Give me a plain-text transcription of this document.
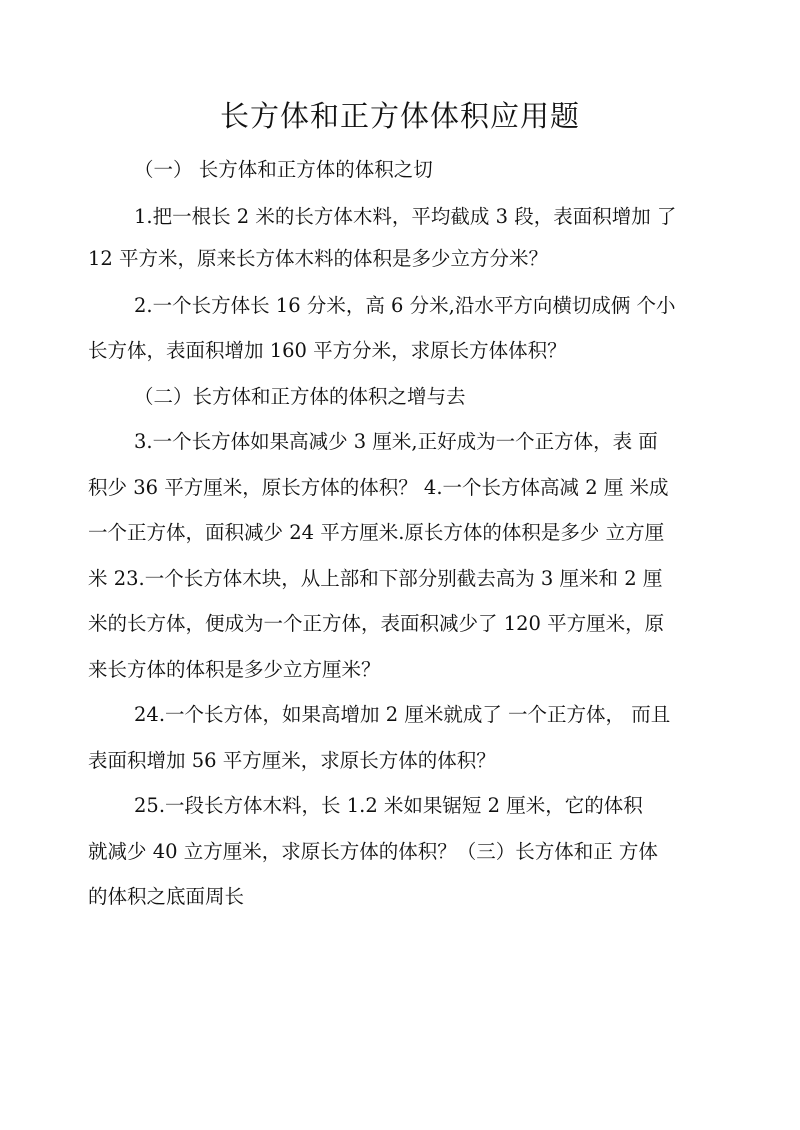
长方体和正方体体积应用题
（一） 长方体和正方体的体积之切
1.把一根长 2 米的长方体木料，平均截成 3 段，表面积增加 了
12 平方米，原来长方体木料的体积是多少立方分米？
2.一个长方体长 16 分米，高 6 分米,沿水平方向横切成俩 个小
长方体，表面积增加 160 平方分米，求原长方体体积？
（二）长方体和正方体的体积之增与去
3.一个长方体如果高减少 3 厘米,正好成为一个正方体，表 面
积少 36 平方厘米，原长方体的体积？ 4.一个长方体高减 2 厘 米成
一个正方体，面积减少 24 平方厘米.原长方体的体积是多少 立方厘
米 23.一个长方体木块，从上部和下部分别截去高为 3 厘米和 2 厘
米的长方体，便成为一个正方体，表面积减少了 120 平方厘米，原
来长方体的体积是多少立方厘米？
24.一个长方体，如果高增加 2 厘米就成了 一个正方体， 而且
表面积增加 56 平方厘米，求原长方体的体积？
25.一段长方体木料，长 1.2 米如果锯短 2 厘米，它的体积
就减少 40 立方厘米，求原长方体的体积？（三）长方体和正 方体
的体积之底面周长
